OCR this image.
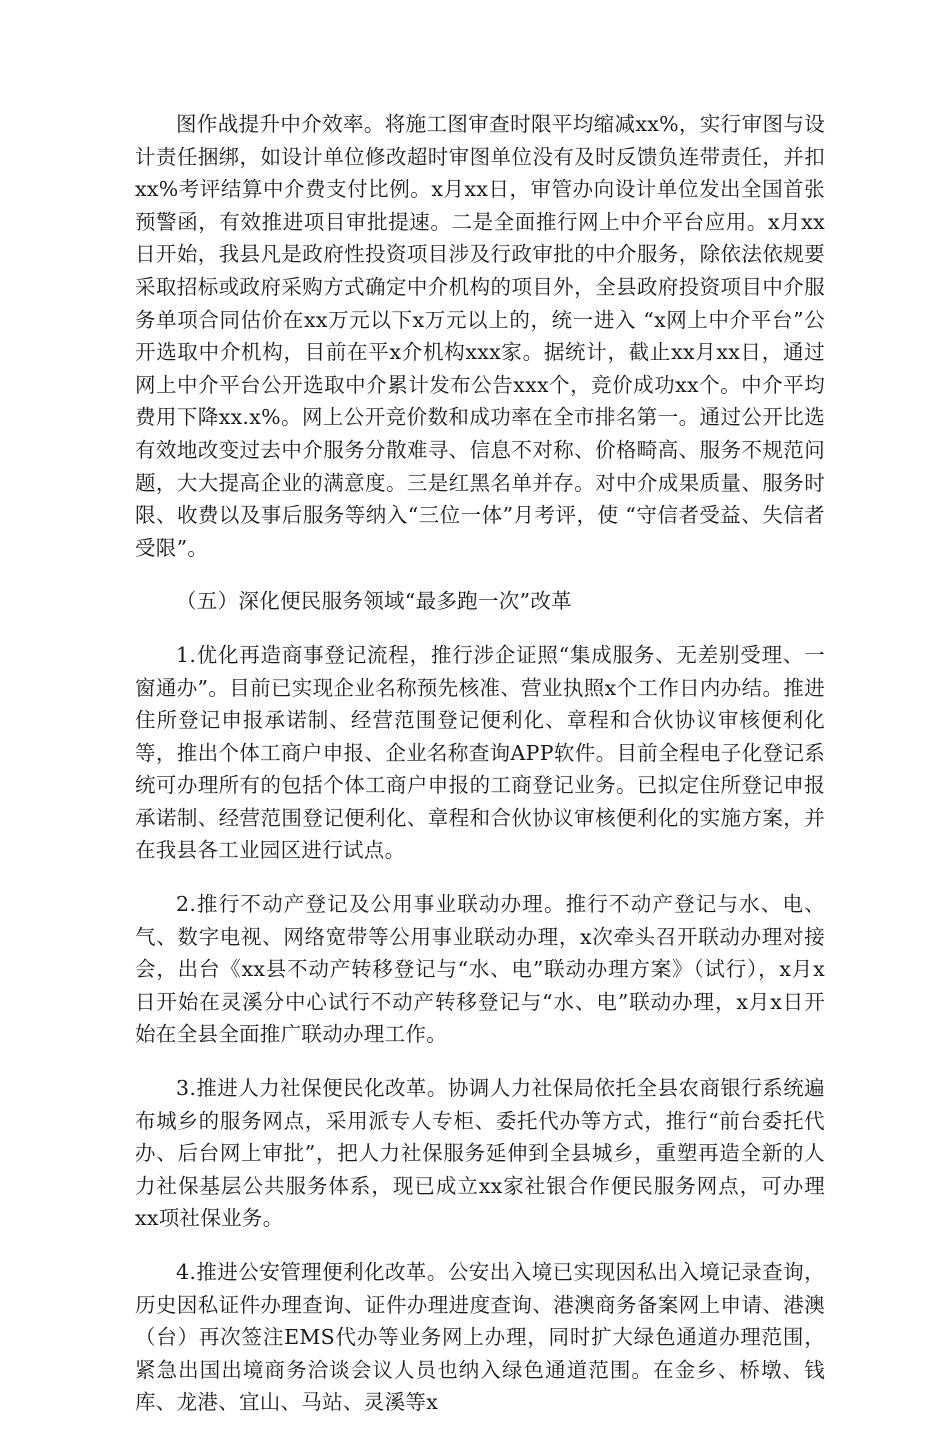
图作战提升中介效率。将施工图审查时限平均缩减xx%，实行审图与设计责任捆绑，如设计单位修改超时审图单位没有及时反馈负连带责任，并扣xx%考评结算中介费支付比例。x月xx日，审管办向设计单位发出全国首张预警函，有效推进项目审批提速。二是全面推行网上中介平台应用。x月xx日开始，我县凡是政府性投资项目涉及行政审批的中介服务，除依法依规要采取招标或政府采购方式确定中介机构的项目外，全县政府投资项目中介服务单项合同估价在xx万元以下x万元以上的，统一进入 “x网上中介平台”公开选取中介机构，目前在平x介机构xxx家。据统计，截止xx月xx日，通过网上中介平台公开选取中介累计发布公告xxx个，竞价成功xx个。中介平均费用下降xx.x%。网上公开竞价数和成功率在全市排名第一。通过公开比选有效地改变过去中介服务分散难寻、信息不对称、价格畸高、服务不规范问题，大大提高企业的满意度。三是红黑名单并存。对中介成果质量、服务时限、收费以及事后服务等纳入“三位一体”月考评，使 “守信者受益、失信者受限”。

（五）深化便民服务领域“最多跑一次”改革

1.优化再造商事登记流程，推行涉企证照“集成服务、无差别受理、一窗通办”。目前已实现企业名称预先核准、营业执照x个工作日内办结。推进住所登记申报承诺制、经营范围登记便利化、章程和合伙协议审核便利化等，推出个体工商户申报、企业名称查询APP软件。目前全程电子化登记系统可办理所有的包括个体工商户申报的工商登记业务。已拟定住所登记申报承诺制、经营范围登记便利化、章程和合伙协议审核便利化的实施方案，并在我县各工业园区进行试点。

2.推行不动产登记及公用事业联动办理。推行不动产登记与水、电、气、数字电视、网络宽带等公用事业联动办理，x次牵头召开联动办理对接会，出台《xx县不动产转移登记与“水、电”联动办理方案》（试行），x月x日开始在灵溪分中心试行不动产转移登记与“水、电”联动办理，x月x日开始在全县全面推广联动办理工作。

3.推进人力社保便民化改革。协调人力社保局依托全县农商银行系统遍布城乡的服务网点，采用派专人专柜、委托代办等方式，推行“前台委托代办、后台网上审批”，把人力社保服务延伸到全县城乡，重塑再造全新的人力社保基层公共服务体系，现已成立xx家社银合作便民服务网点，可办理xx项社保业务。

4.推进公安管理便利化改革。公安出入境已实现因私出入境记录查询，历史因私证件办理查询、证件办理进度查询、港澳商务备案网上申请、港澳（台）再次签注EMS代办等业务网上办理，同时扩大绿色通道办理范围，紧急出国出境商务洽谈会议人员也纳入绿色通道范围。在金乡、桥墩、钱库、龙港、宜山、马站、灵溪等x
